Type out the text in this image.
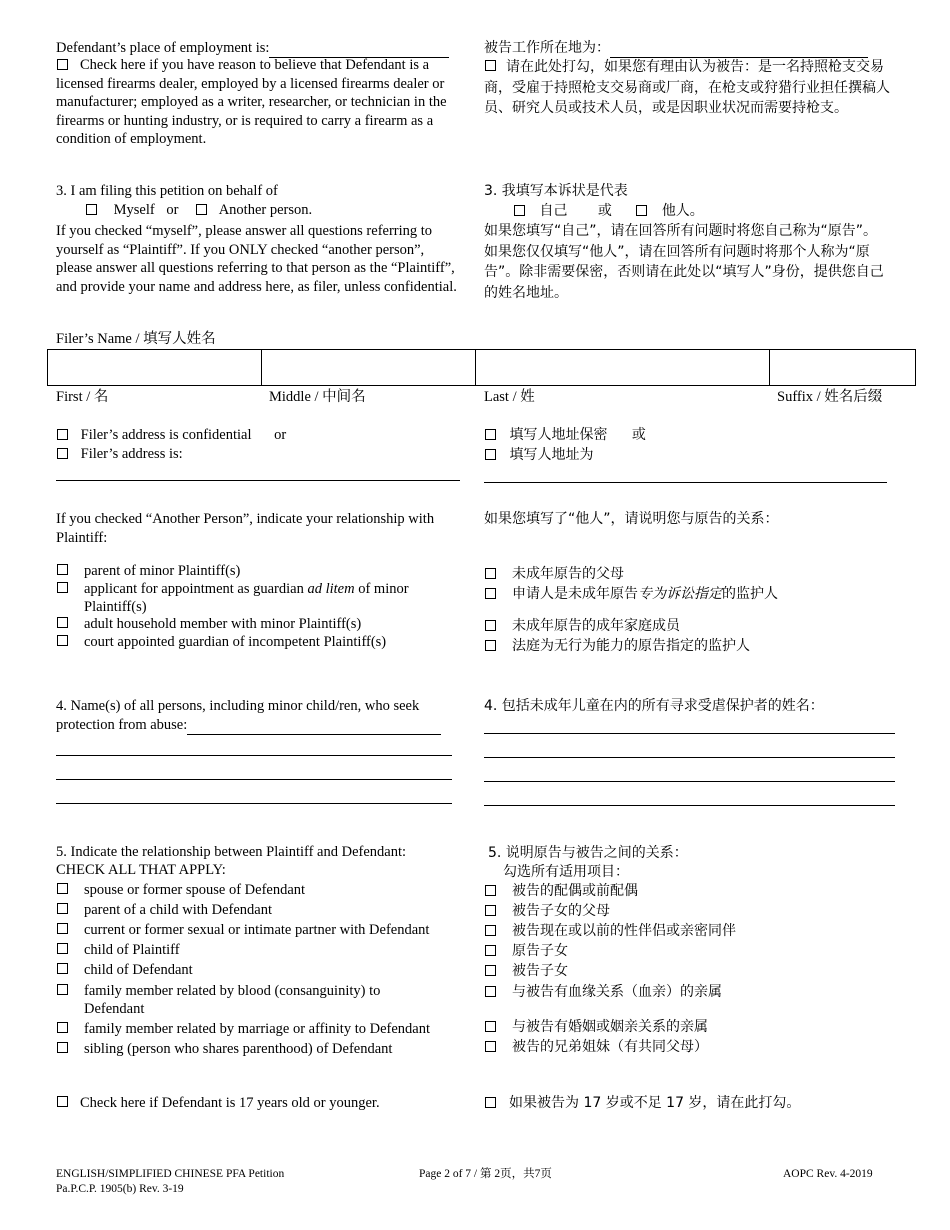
Defendant’s place of employment is:
Check here if you have reason to believe that Defendant is a licensed firearms dealer, employed by a licensed firearms dealer or manufacturer; employed as a writer, researcher, or technician in the firearms or hunting industry, or is required to carry a firearm as a condition of employment.
被告工作所在地为：
请在此处打勾，如果您有理由认为被告：是一名持照枪支交易商，受雇于持照枪支交易商或厂商，在枪支或狩猎行业担任撰稿人员、研究人员或技术人员，或是因职业状况而需要持枪支。
3. I am filing this petition on behalf of
Myself or	Another person.
If you checked “myself”, please answer all questions referring to yourself as “Plaintiff”. If you ONLY checked “another person”, please answer all questions referring to that person as the “Plaintiff”, and provide your name and address here, as filer, unless confidential.
3. 我填写本诉状是代表
自己 或	他人。
如果您填写“自己”，请在回答所有问题时将您自己称为“原告”。如果您仅仅填写“他人”，请在回答所有问题时将那个人称为“原告”。除非需要保密，否则请在此处以“填写人”身份，提供您自己的姓名地址。
Filer’s Name / 填写人姓名
First / 名	Middle / 中间名	Last / 姓	Suffix / 姓名后缀
Filer’s address is confidential or
Filer’s address is:
填写人地址保密 或
填写人地址为
If you checked “Another Person”, indicate your relationship with Plaintiff:
如果您填写了“他人”，请说明您与原告的关系：
parent of minor Plaintiff(s)
applicant for appointment as guardian ad litem of minor
Plaintiff(s)
adult household member with minor Plaintiff(s)
court appointed guardian of incompetent Plaintiff(s)
未成年原告的父母
申请人是未成年原告专为诉讼指定的监护人
未成年原告的成年家庭成员
法庭为无行为能力的原告指定的监护人
4. Name(s) of all persons, including minor child/ren, who seek
protection from abuse:
4. 包括未成年儿童在内的所有寻求受虐保护者的姓名：
5. Indicate the relationship between Plaintiff and Defendant:
CHECK ALL THAT APPLY:
spouse or former spouse of Defendant
parent of a child with Defendant
current or former sexual or intimate partner with Defendant
child of Plaintiff
child of Defendant
family member related by blood (consanguinity) to
Defendant
family member related by marriage or affinity to Defendant
sibling (person who shares parenthood) of Defendant
5. 说明原告与被告之间的关系：
勾选所有适用项目：
被告的配偶或前配偶
被告子女的父母
被告现在或以前的性伴侣或亲密同伴
原告子女
被告子女
与被告有血缘关系（血亲）的亲属
与被告有婚姻或姻亲关系的亲属
被告的兄弟姐妹（有共同父母）
Check here if Defendant is 17 years old or younger.	如果被告为 17 岁或不足 17 岁，请在此打勾。
ENGLISH/SIMPLIFIED CHINESE PFA Petition
Pa.P.C.P. 1905(b) Rev. 3-19
Page 2 of 7 / 第 2页，共7页	AOPC Rev. 4-2019
